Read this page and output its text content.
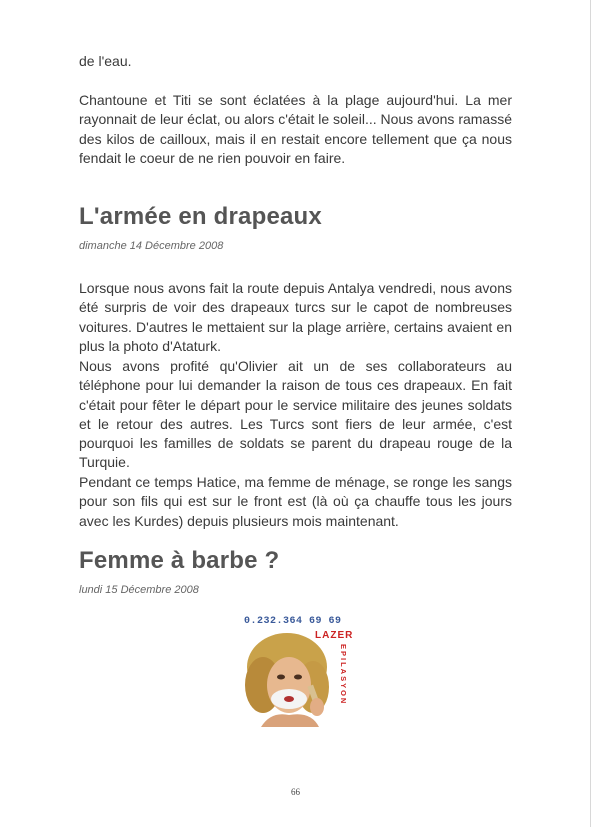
de l'eau.

Chantoune et Titi se sont éclatées à la plage aujourd'hui. La mer rayonnait de leur éclat, ou alors c'était le soleil... Nous avons ramassé des kilos de cailloux, mais il en restait encore tellement que ça nous fendait le coeur de ne rien pouvoir en faire.

L'armée en drapeaux

dimanche 14 Décembre 2008

Lorsque nous avons fait la route depuis Antalya vendredi, nous avons été surpris de voir des drapeaux turcs sur le capot de nombreuses voitures. D'autres le mettaient sur la plage arrière, certains avaient en plus la photo d'Ataturk.

Nous avons profité qu'Olivier ait un de ses collaborateurs au téléphone pour lui demander la raison de tous ces drapeaux. En fait c'était pour fêter le départ pour le service militaire des jeunes soldats et le retour des autres. Les Turcs sont fiers de leur armée, c'est pourquoi les familles de soldats se parent du drapeau rouge de la Turquie.

Pendant ce temps Hatice, ma femme de ménage, se ronge les sangs pour son fils qui est sur le front est (là où ça chauffe tous les jours avec les Kurdes) depuis plusieurs mois maintenant.

Femme à barbe ?

lundi 15 Décembre 2008

0.232.364 69 69
LAZER
EPILASYON
66
